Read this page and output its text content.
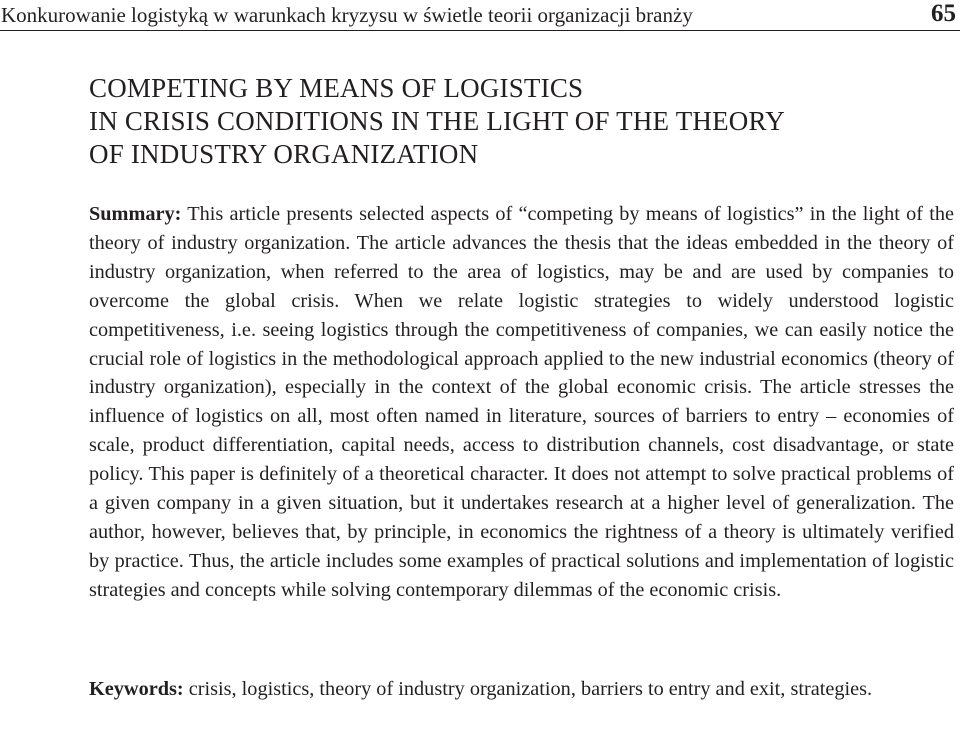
Konkurowanie logistyką w warunkach kryzysu w świetle teorii organizacji branży	65
COMPETING BY MEANS OF LOGISTICS
IN CRISIS CONDITIONS IN THE LIGHT OF THE THEORY
OF INDUSTRY ORGANIZATION

Summary: This article presents selected aspects of “competing by means of logistics” in the light of the theory of industry organization. The article advances the thesis that the ideas embedded in the theory of industry organization, when referred to the area of logistics, may be and are used by companies to overcome the global crisis. When we relate logistic strategies to widely understood logistic competitiveness, i.e. seeing logistics through the competitiveness of companies, we can easily notice the crucial role of logistics in the methodological approach applied to the new industrial economics (theory of industry organization), especially in the context of the global economic crisis. The article stresses the influence of logistics on all, most often named in literature, sources of barriers to entry – economies of scale, product differentiation, capital needs, access to distribution channels, cost disadvantage, or state policy. This paper is definitely of a theoretical character. It does not attempt to solve practical problems of a given company in a given situation, but it undertakes research at a higher level of generalization. The author, however, believes that, by principle, in economics the rightness of a theory is ultimately verified by practice. Thus, the article includes some examples of practical solutions and implementation of logistic strategies and concepts while solving contemporary dilemmas of the economic crisis.

Keywords: crisis, logistics, theory of industry organization, barriers to entry and exit, strategies.
